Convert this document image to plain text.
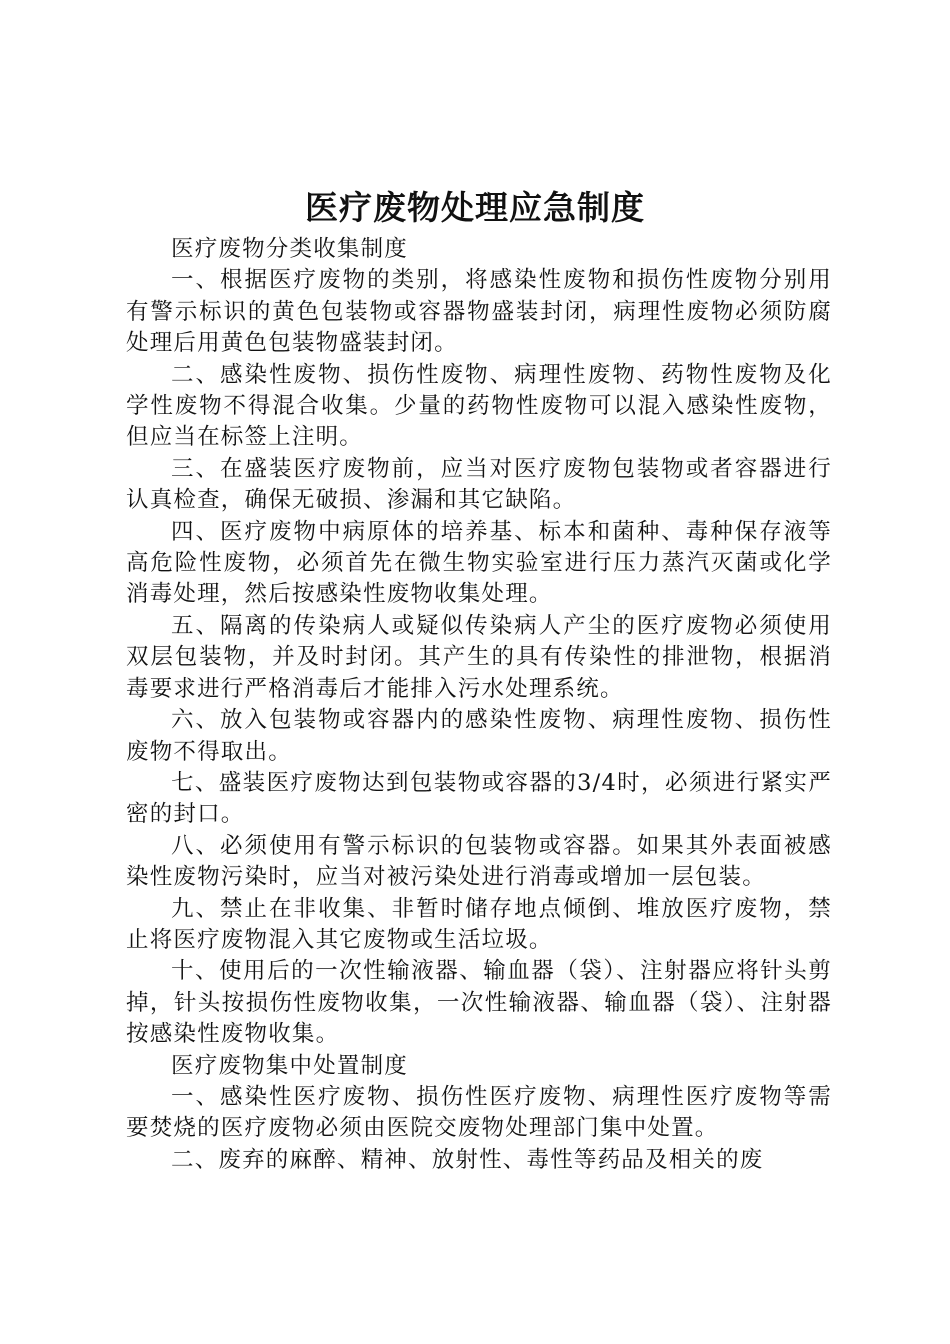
医疗废物处理应急制度

医疗废物分类收集制度

一、根据医疗废物的类别，将感染性废物和损伤性废物分别用有警示标识的黄色包装物或容器物盛装封闭，病理性废物必须防腐处理后用黄色包装物盛装封闭。

二、感染性废物、损伤性废物、病理性废物、药物性废物及化学性废物不得混合收集。少量的药物性废物可以混入感染性废物，但应当在标签上注明。

三、在盛装医疗废物前，应当对医疗废物包装物或者容器进行认真检查，确保无破损、渗漏和其它缺陷。

四、医疗废物中病原体的培养基、标本和菌种、毒种保存液等高危险性废物，必须首先在微生物实验室进行压力蒸汽灭菌或化学消毒处理，然后按感染性废物收集处理。

五、隔离的传染病人或疑似传染病人产尘的医疗废物必须使用双层包装物，并及时封闭。其产生的具有传染性的排泄物，根据消毒要求进行严格消毒后才能排入污水处理系统。

六、放入包装物或容器内的感染性废物、病理性废物、损伤性废物不得取出。

七、盛装医疗废物达到包装物或容器的3/4时，必须进行紧实严密的封口。

八、必须使用有警示标识的包装物或容器。如果其外表面被感染性废物污染时，应当对被污染处进行消毒或增加一层包装。

九、禁止在非收集、非暂时储存地点倾倒、堆放医疗废物，禁止将医疗废物混入其它废物或生活垃圾。

十、使用后的一次性输液器、输血器（袋）、注射器应将针头剪掉，针头按损伤性废物收集，一次性输液器、输血器（袋）、注射器按感染性废物收集。

医疗废物集中处置制度

一、感染性医疗废物、损伤性医疗废物、病理性医疗废物等需要焚烧的医疗废物必须由医院交废物处理部门集中处置。

二、废弃的麻醉、精神、放射性、毒性等药品及相关的废
